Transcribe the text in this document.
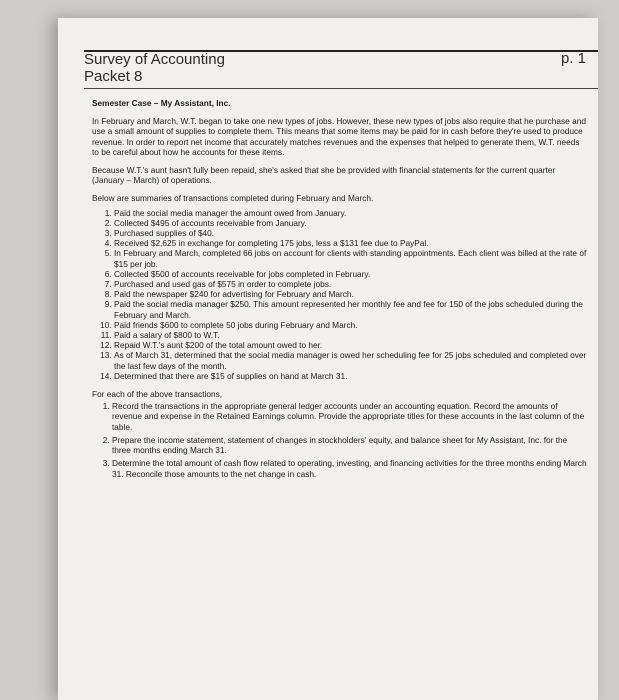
Survey of Accounting
Packet 8
p. 1

Semester Case – My Assistant, Inc.

In February and March, W.T. began to take one new types of jobs. However, these new types of jobs also require that he purchase and use a small amount of supplies to complete them. This means that some items may be paid for in cash before they're used to produce revenue. In order to report net income that accurately matches revenues and the expenses that helped to generate them, W.T. needs to be careful about how he accounts for these items.

Because W.T.'s aunt hasn't fully been repaid, she's asked that she be provided with financial statements for the current quarter (January – March) of operations.

Below are summaries of transactions completed during February and March.

1. Paid the social media manager the amount owed from January.
2. Collected $495 of accounts receivable from January.
3. Purchased supplies of $40.
4. Received $2,625 in exchange for completing 175 jobs, less a $131 fee due to PayPal.
5. In February and March, completed 66 jobs on account for clients with standing appointments. Each client was billed at the rate of $15 per job.
6. Collected $500 of accounts receivable for jobs completed in February.
7. Purchased and used gas of $575 in order to complete jobs.
8. Paid the newspaper $240 for advertising for February and March.
9. Paid the social media manager $250. This amount represented her monthly fee and fee for 150 of the jobs scheduled during the February and March.
10. Paid friends $600 to complete 50 jobs during February and March.
11. Paid a salary of $800 to W.T.
12. Repaid W.T.'s aunt $200 of the total amount owed to her.
13. As of March 31, determined that the social media manager is owed her scheduling fee for 25 jobs scheduled and completed over the last few days of the month.
14. Determined that there are $15 of supplies on hand at March 31.
For each of the above transactions,
1. Record the transactions in the appropriate general ledger accounts under an accounting equation. Record the amounts of revenue and expense in the Retained Earnings column. Provide the appropriate titles for these accounts in the last column of the table.
2. Prepare the income statement, statement of changes in stockholders' equity, and balance sheet for My Assistant, Inc. for the three months ending March 31.
3. Determine the total amount of cash flow related to operating, investing, and financing activities for the three months ending March 31. Reconcile those amounts to the net change in cash.
